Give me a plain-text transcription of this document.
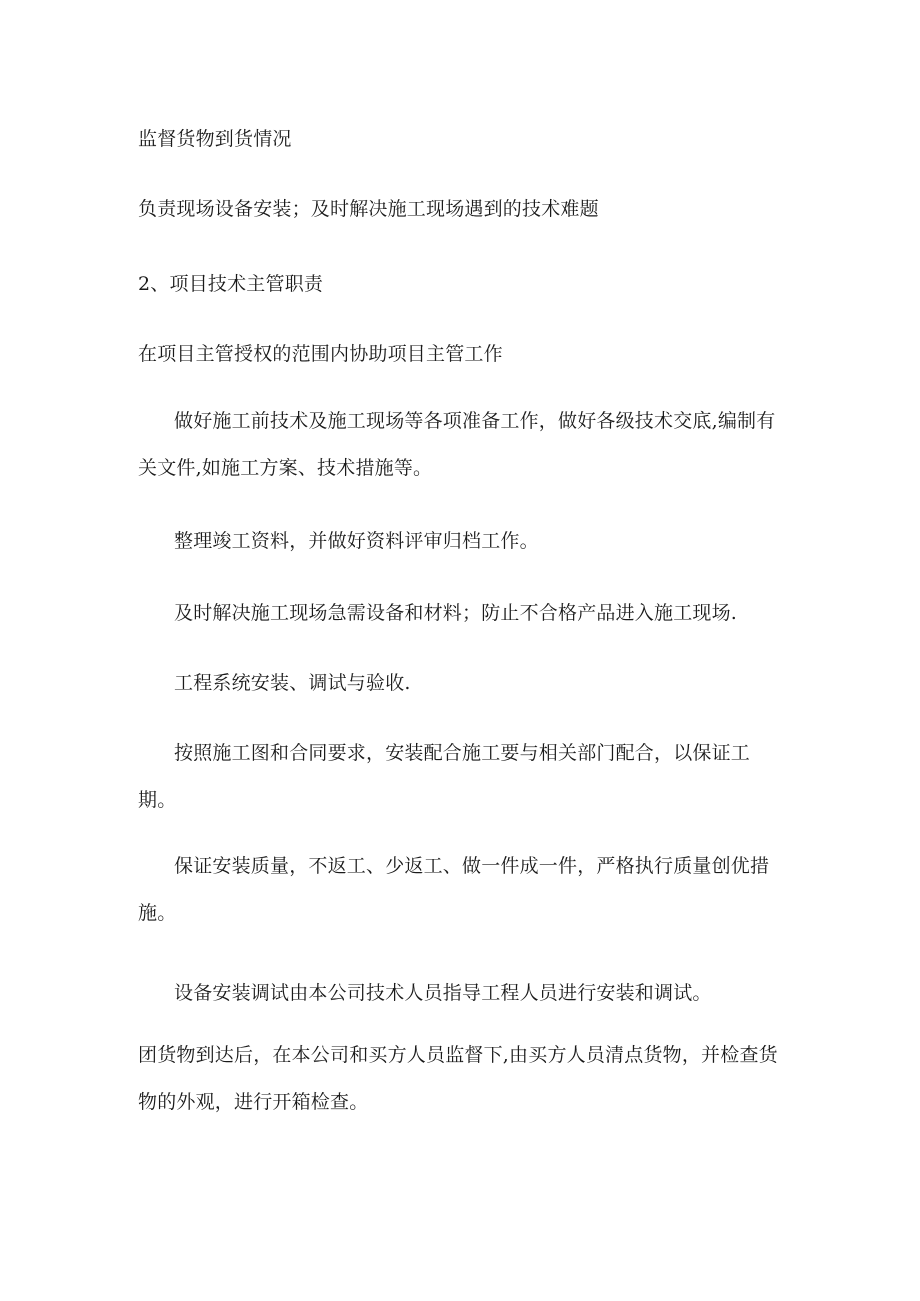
监督货物到货情况

负责现场设备安装；及时解决施工现场遇到的技术难题

2、项目技术主管职责

在项目主管授权的范围内协助项目主管工作

做好施工前技术及施工现场等各项准备工作，做好各级技术交底,编制有关文件,如施工方案、技术措施等。

整理竣工资料，并做好资料评审归档工作。

及时解决施工现场急需设备和材料；防止不合格产品进入施工现场.

工程系统安装、调试与验收.

按照施工图和合同要求，安装配合施工要与相关部门配合，以保证工期。

保证安装质量，不返工、少返工、做一件成一件，严格执行质量创优措施。

设备安装调试由本公司技术人员指导工程人员进行安装和调试。

团货物到达后，在本公司和买方人员监督下,由买方人员清点货物，并检查货物的外观，进行开箱检查。
